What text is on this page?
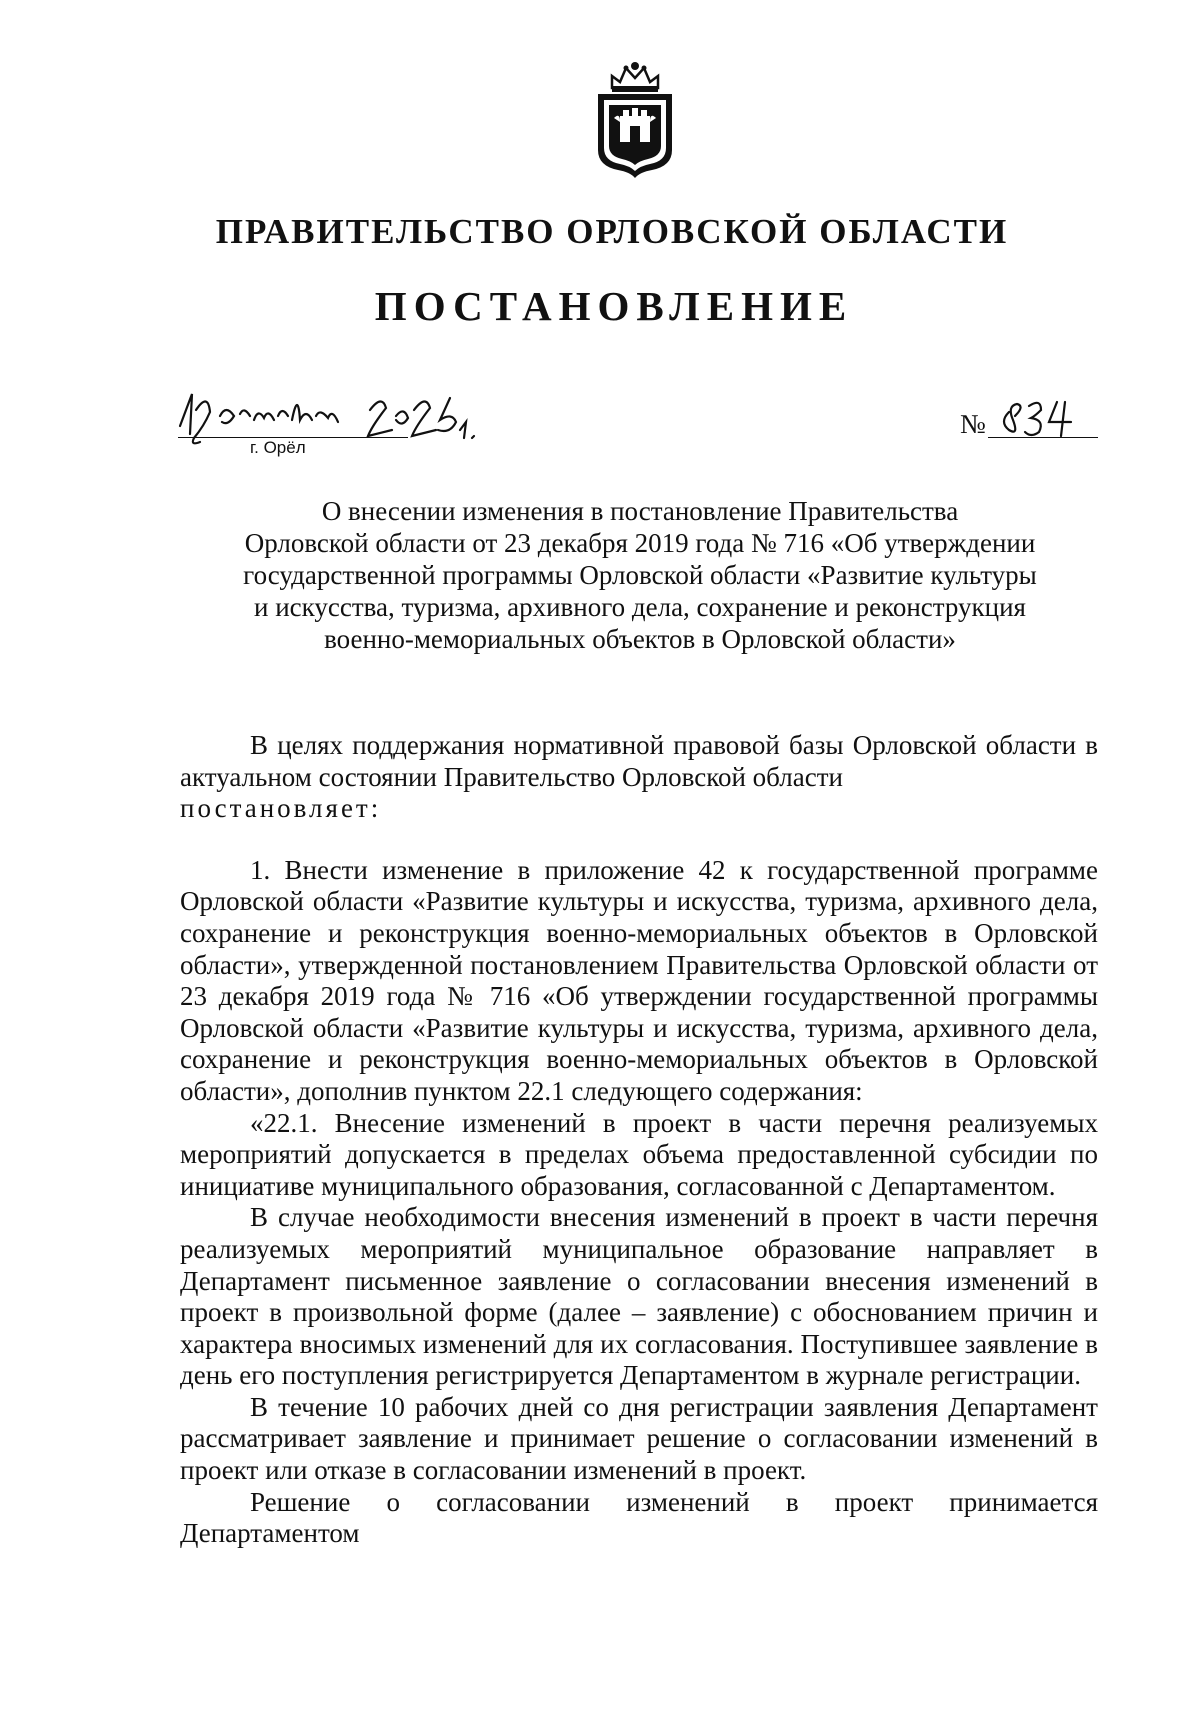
ПРАВИТЕЛЬСТВО ОРЛОВСКОЙ ОБЛАСТИ
ПОСТАНОВЛЕНИЕ
г. Орёл
№
О внесении изменения в постановление Правительства
Орловской области от 23 декабря 2019 года № 716 «Об утверждении
государственной программы Орловской области «Развитие культуры
и искусства, туризма, архивного дела, сохранение и реконструкция
военно-мемориальных объектов в Орловской области»

В целях поддержания нормативной правовой базы Орловской области в актуальном состоянии Правительство Орловской области

постановляет:

1. Внести изменение в приложение 42 к государственной программе Орловской области «Развитие культуры и искусства, туризма, архивного дела, сохранение и реконструкция военно-мемориальных объектов в Орловской области», утвержденной постановлением Правительства Орловской области от 23 декабря 2019 года № 716 «Об утверждении государственной программы Орловской области «Развитие культуры и искусства, туризма, архивного дела, сохранение и реконструкция военно-мемориальных объектов в Орловской области», дополнив пунктом 22.1 следующего содержания:

«22.1. Внесение изменений в проект в части перечня реализуемых мероприятий допускается в пределах объема предоставленной субсидии по инициативе муниципального образования, согласованной с Департаментом.

В случае необходимости внесения изменений в проект в части перечня реализуемых мероприятий муниципальное образование направляет в Департамент письменное заявление о согласовании внесения изменений в проект в произвольной форме (далее – заявление) с обоснованием причин и характера вносимых изменений для их согласования. Поступившее заявление в день его поступления регистрируется Департаментом в журнале регистрации.

В течение 10 рабочих дней со дня регистрации заявления Департамент рассматривает заявление и принимает решение о согласовании изменений в проект или отказе в согласовании изменений в проект.

Решение о согласовании изменений в проект принимается Департаментом
